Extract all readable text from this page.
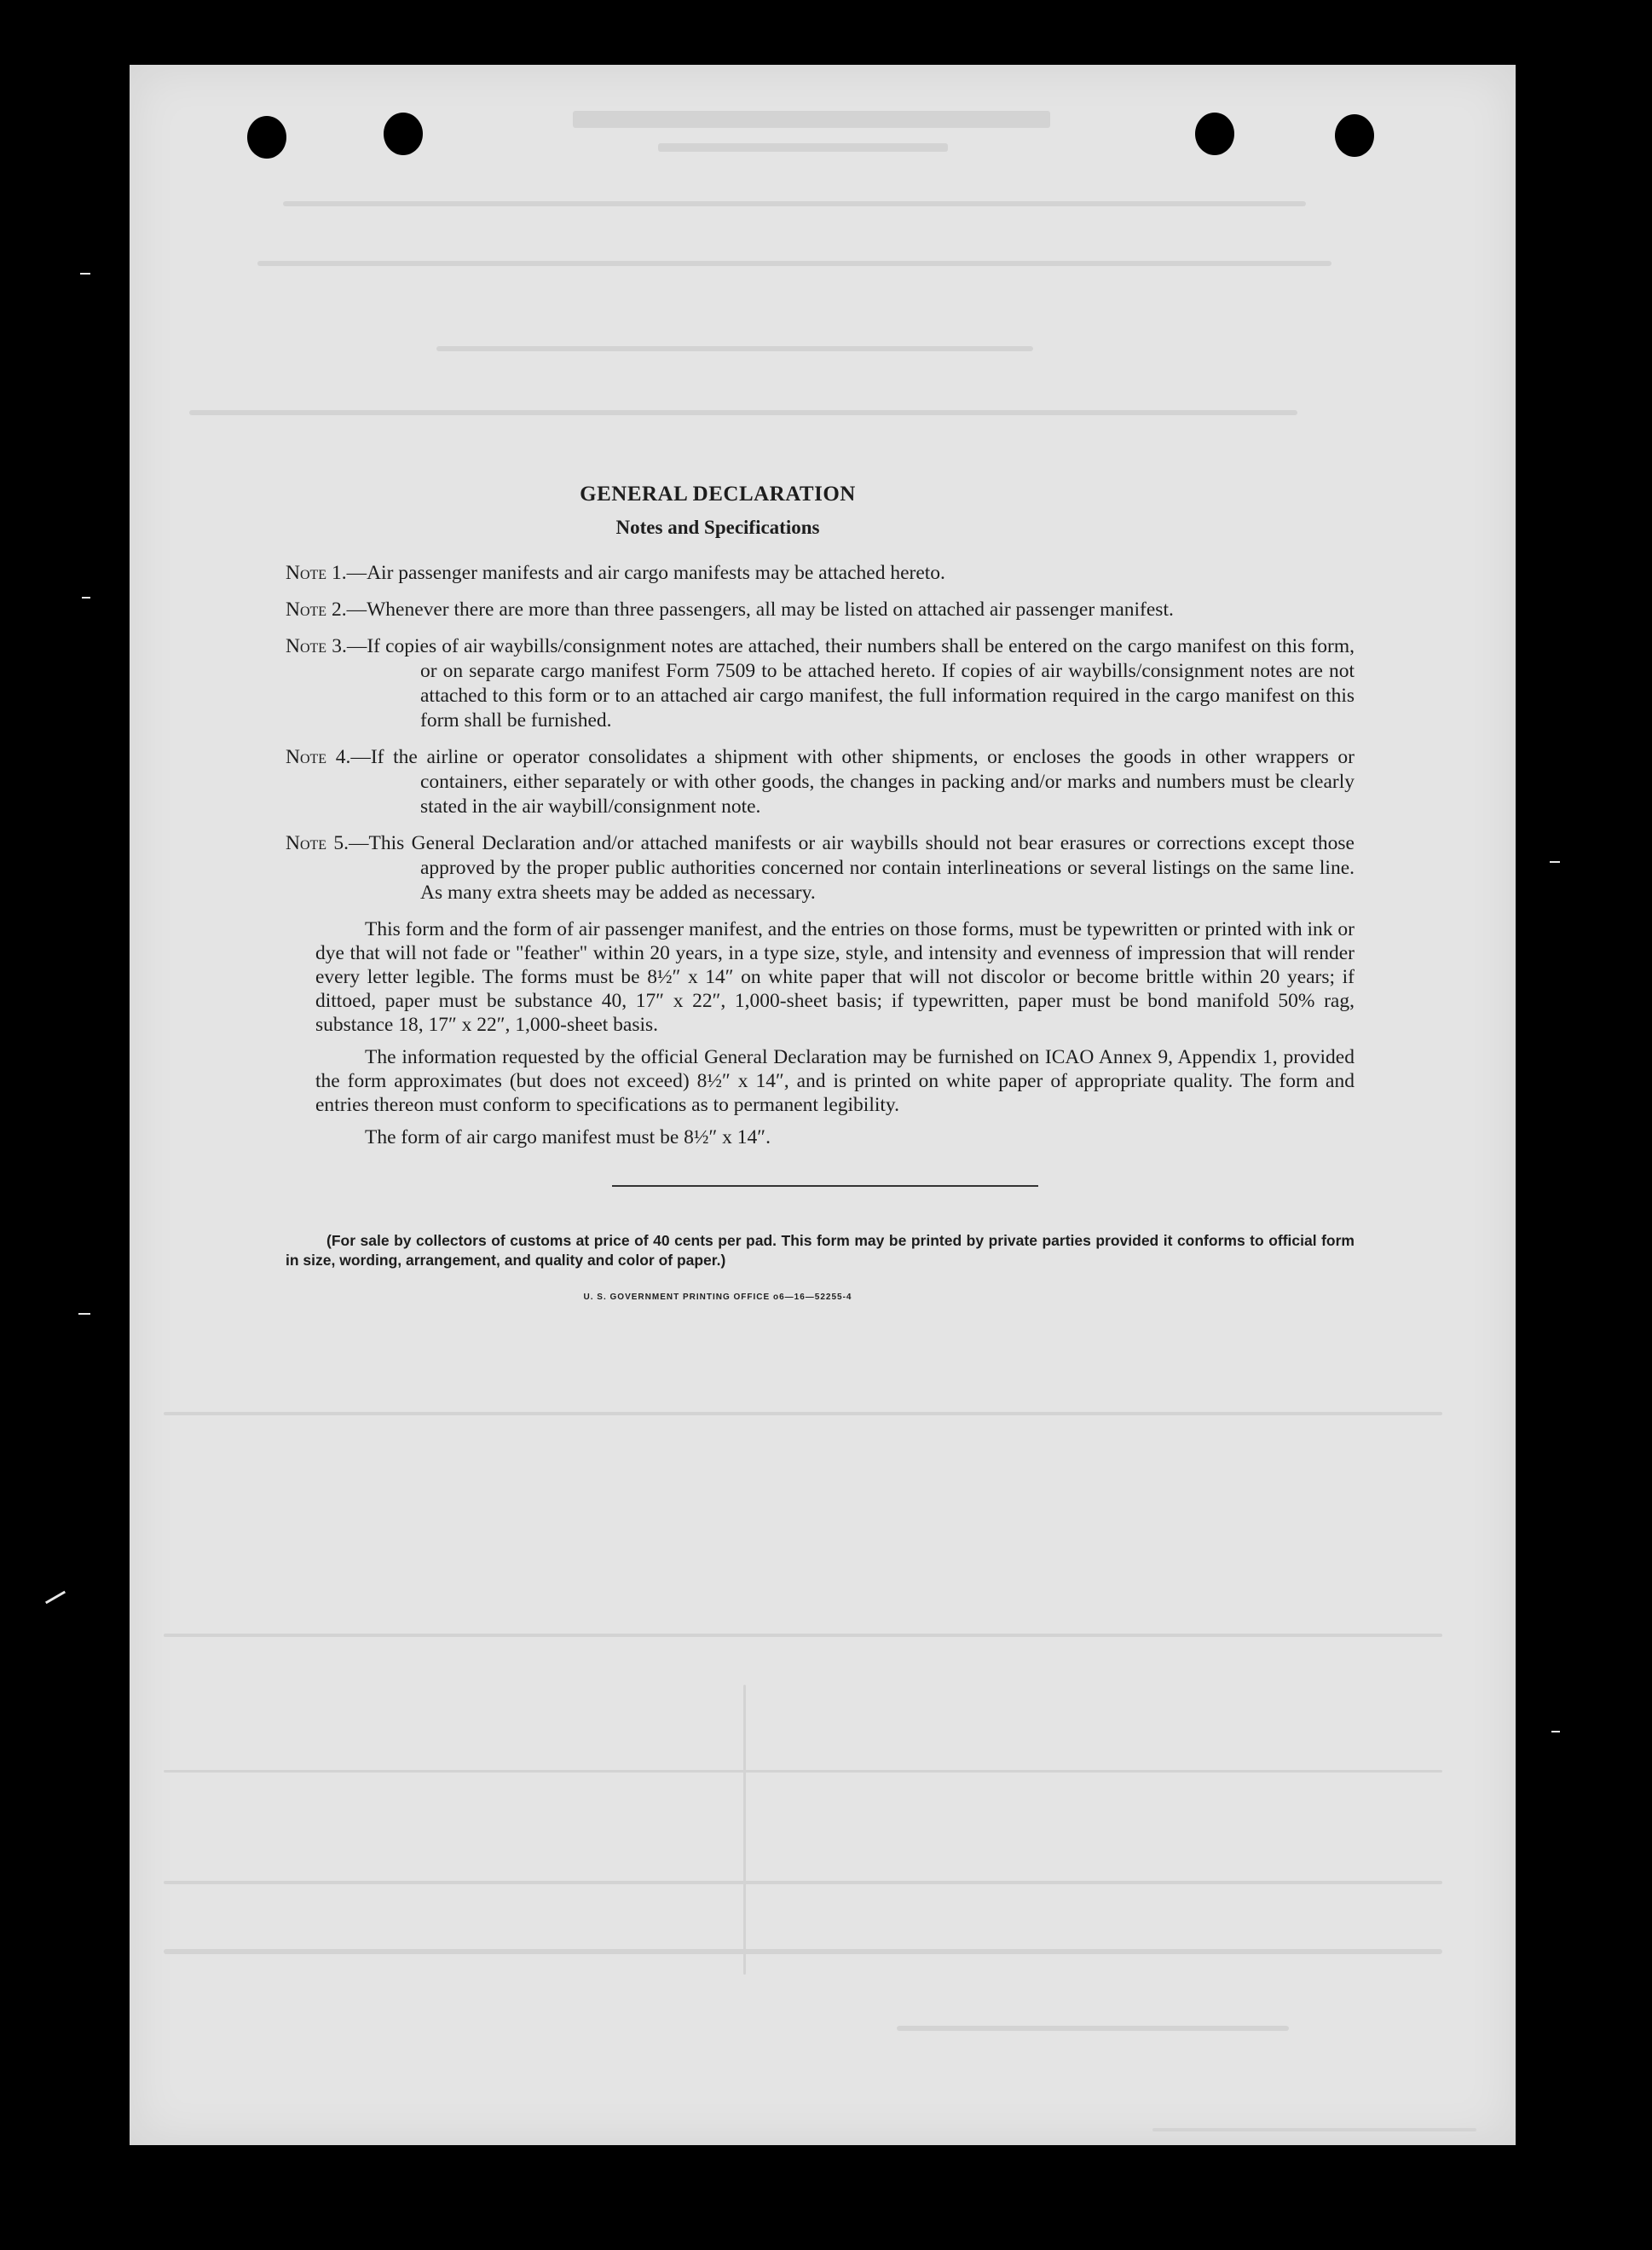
GENERAL DECLARATION
Notes and Specifications
Note 1.—Air passenger manifests and air cargo manifests may be attached hereto.
Note 2.—Whenever there are more than three passengers, all may be listed on attached air passenger manifest.
Note 3.—If copies of air waybills/consignment notes are attached, their numbers shall be entered on the cargo manifest on this form, or on separate cargo manifest Form 7509 to be attached hereto. If copies of air waybills/consignment notes are not attached to this form or to an attached air cargo manifest, the full information required in the cargo manifest on this form shall be furnished.
Note 4.—If the airline or operator consolidates a shipment with other shipments, or encloses the goods in other wrappers or containers, either separately or with other goods, the changes in packing and/or marks and numbers must be clearly stated in the air waybill/consignment note.
Note 5.—This General Declaration and/or attached manifests or air waybills should not bear erasures or corrections except those approved by the proper public authorities concerned nor contain interlineations or several listings on the same line. As many extra sheets may be added as necessary.
This form and the form of air passenger manifest, and the entries on those forms, must be typewritten or printed with ink or dye that will not fade or "feather" within 20 years, in a type size, style, and intensity and evenness of impression that will render every letter legible. The forms must be 8½″ x 14″ on white paper that will not discolor or become brittle within 20 years; if dittoed, paper must be substance 40, 17″ x 22″, 1,000-sheet basis; if typewritten, paper must be bond manifold 50% rag, substance 18, 17″ x 22″, 1,000-sheet basis.
The information requested by the official General Declaration may be furnished on ICAO Annex 9, Appendix 1, provided the form approximates (but does not exceed) 8½″ x 14″, and is printed on white paper of appropriate quality. The form and entries thereon must conform to specifications as to permanent legibility.
The form of air cargo manifest must be 8½″ x 14″.
(For sale by collectors of customs at price of 40 cents per pad. This form may be printed by private parties provided it conforms to official form in size, wording, arrangement, and quality and color of paper.)
U. S. GOVERNMENT PRINTING OFFICE o6—16—52255-4
